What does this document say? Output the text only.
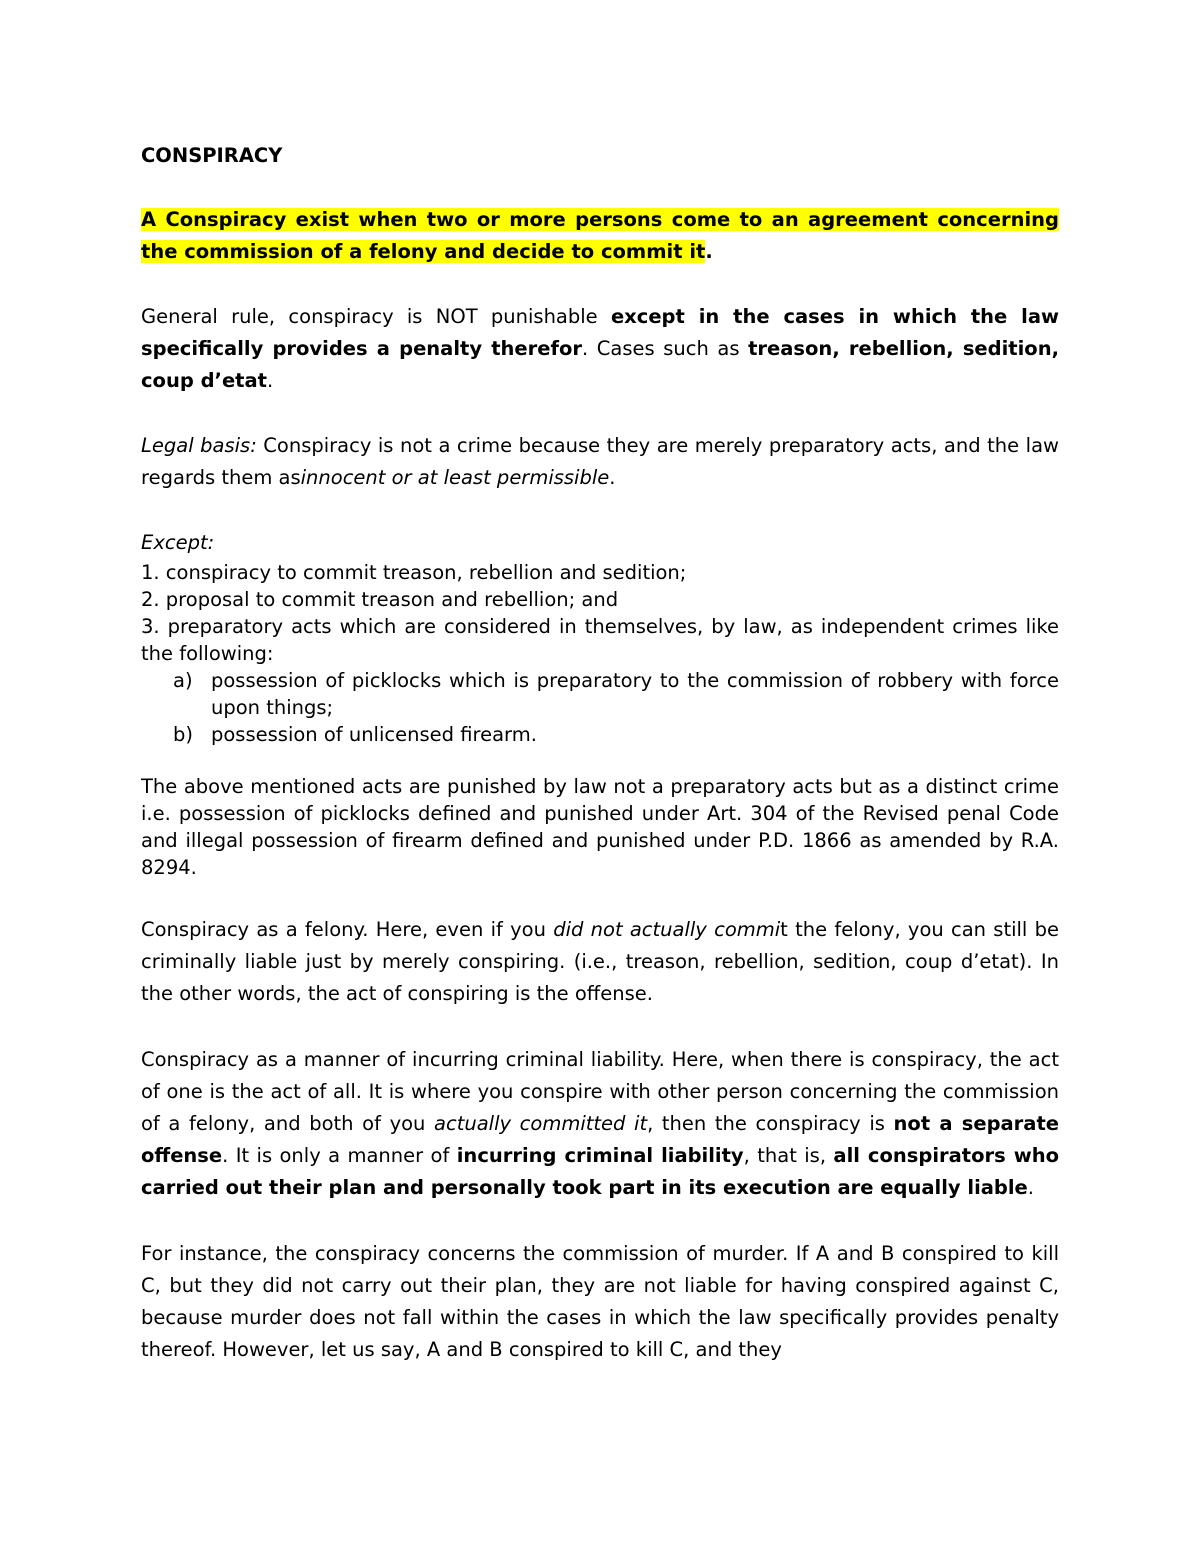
CONSPIRACY

A Conspiracy exist when two or more persons come to an agreement concerning the commission of a felony and decide to commit it.

General rule, conspiracy is NOT punishable except in the cases in which the law specifically provides a penalty therefor. Cases such as treason, rebellion, sedition, coup d’etat.

Legal basis: Conspiracy is not a crime because they are merely preparatory acts, and the law regards them asinnocent or at least permissible.

Except:
1. conspiracy to commit treason, rebellion and sedition;
2. proposal to commit treason and rebellion; and
3. preparatory acts which are considered in themselves, by law, as independent crimes like the following:
a) possession of picklocks which is preparatory to the commission of robbery with force upon things;
b) possession of unlicensed firearm.

The above mentioned acts are punished by law not a preparatory acts but as a distinct crime i.e. possession of picklocks defined and punished under Art. 304 of the Revised penal Code and illegal possession of firearm defined and punished under P.D. 1866 as amended by R.A. 8294.

Conspiracy as a felony. Here, even if you did not actually commit the felony, you can still be criminally liable just by merely conspiring. (i.e., treason, rebellion, sedition, coup d’etat). In the other words, the act of conspiring is the offense.

Conspiracy as a manner of incurring criminal liability. Here, when there is conspiracy, the act of one is the act of all. It is where you conspire with other person concerning the commission of a felony, and both of you actually committed it, then the conspiracy is not a separate offense. It is only a manner of incurring criminal liability, that is, all conspirators who carried out their plan and personally took part in its execution are equally liable.

For instance, the conspiracy concerns the commission of murder. If A and B conspired to kill C, but they did not carry out their plan, they are not liable for having conspired against C, because murder does not fall within the cases in which the law specifically provides penalty thereof. However, let us say, A and B conspired to kill C, and they
